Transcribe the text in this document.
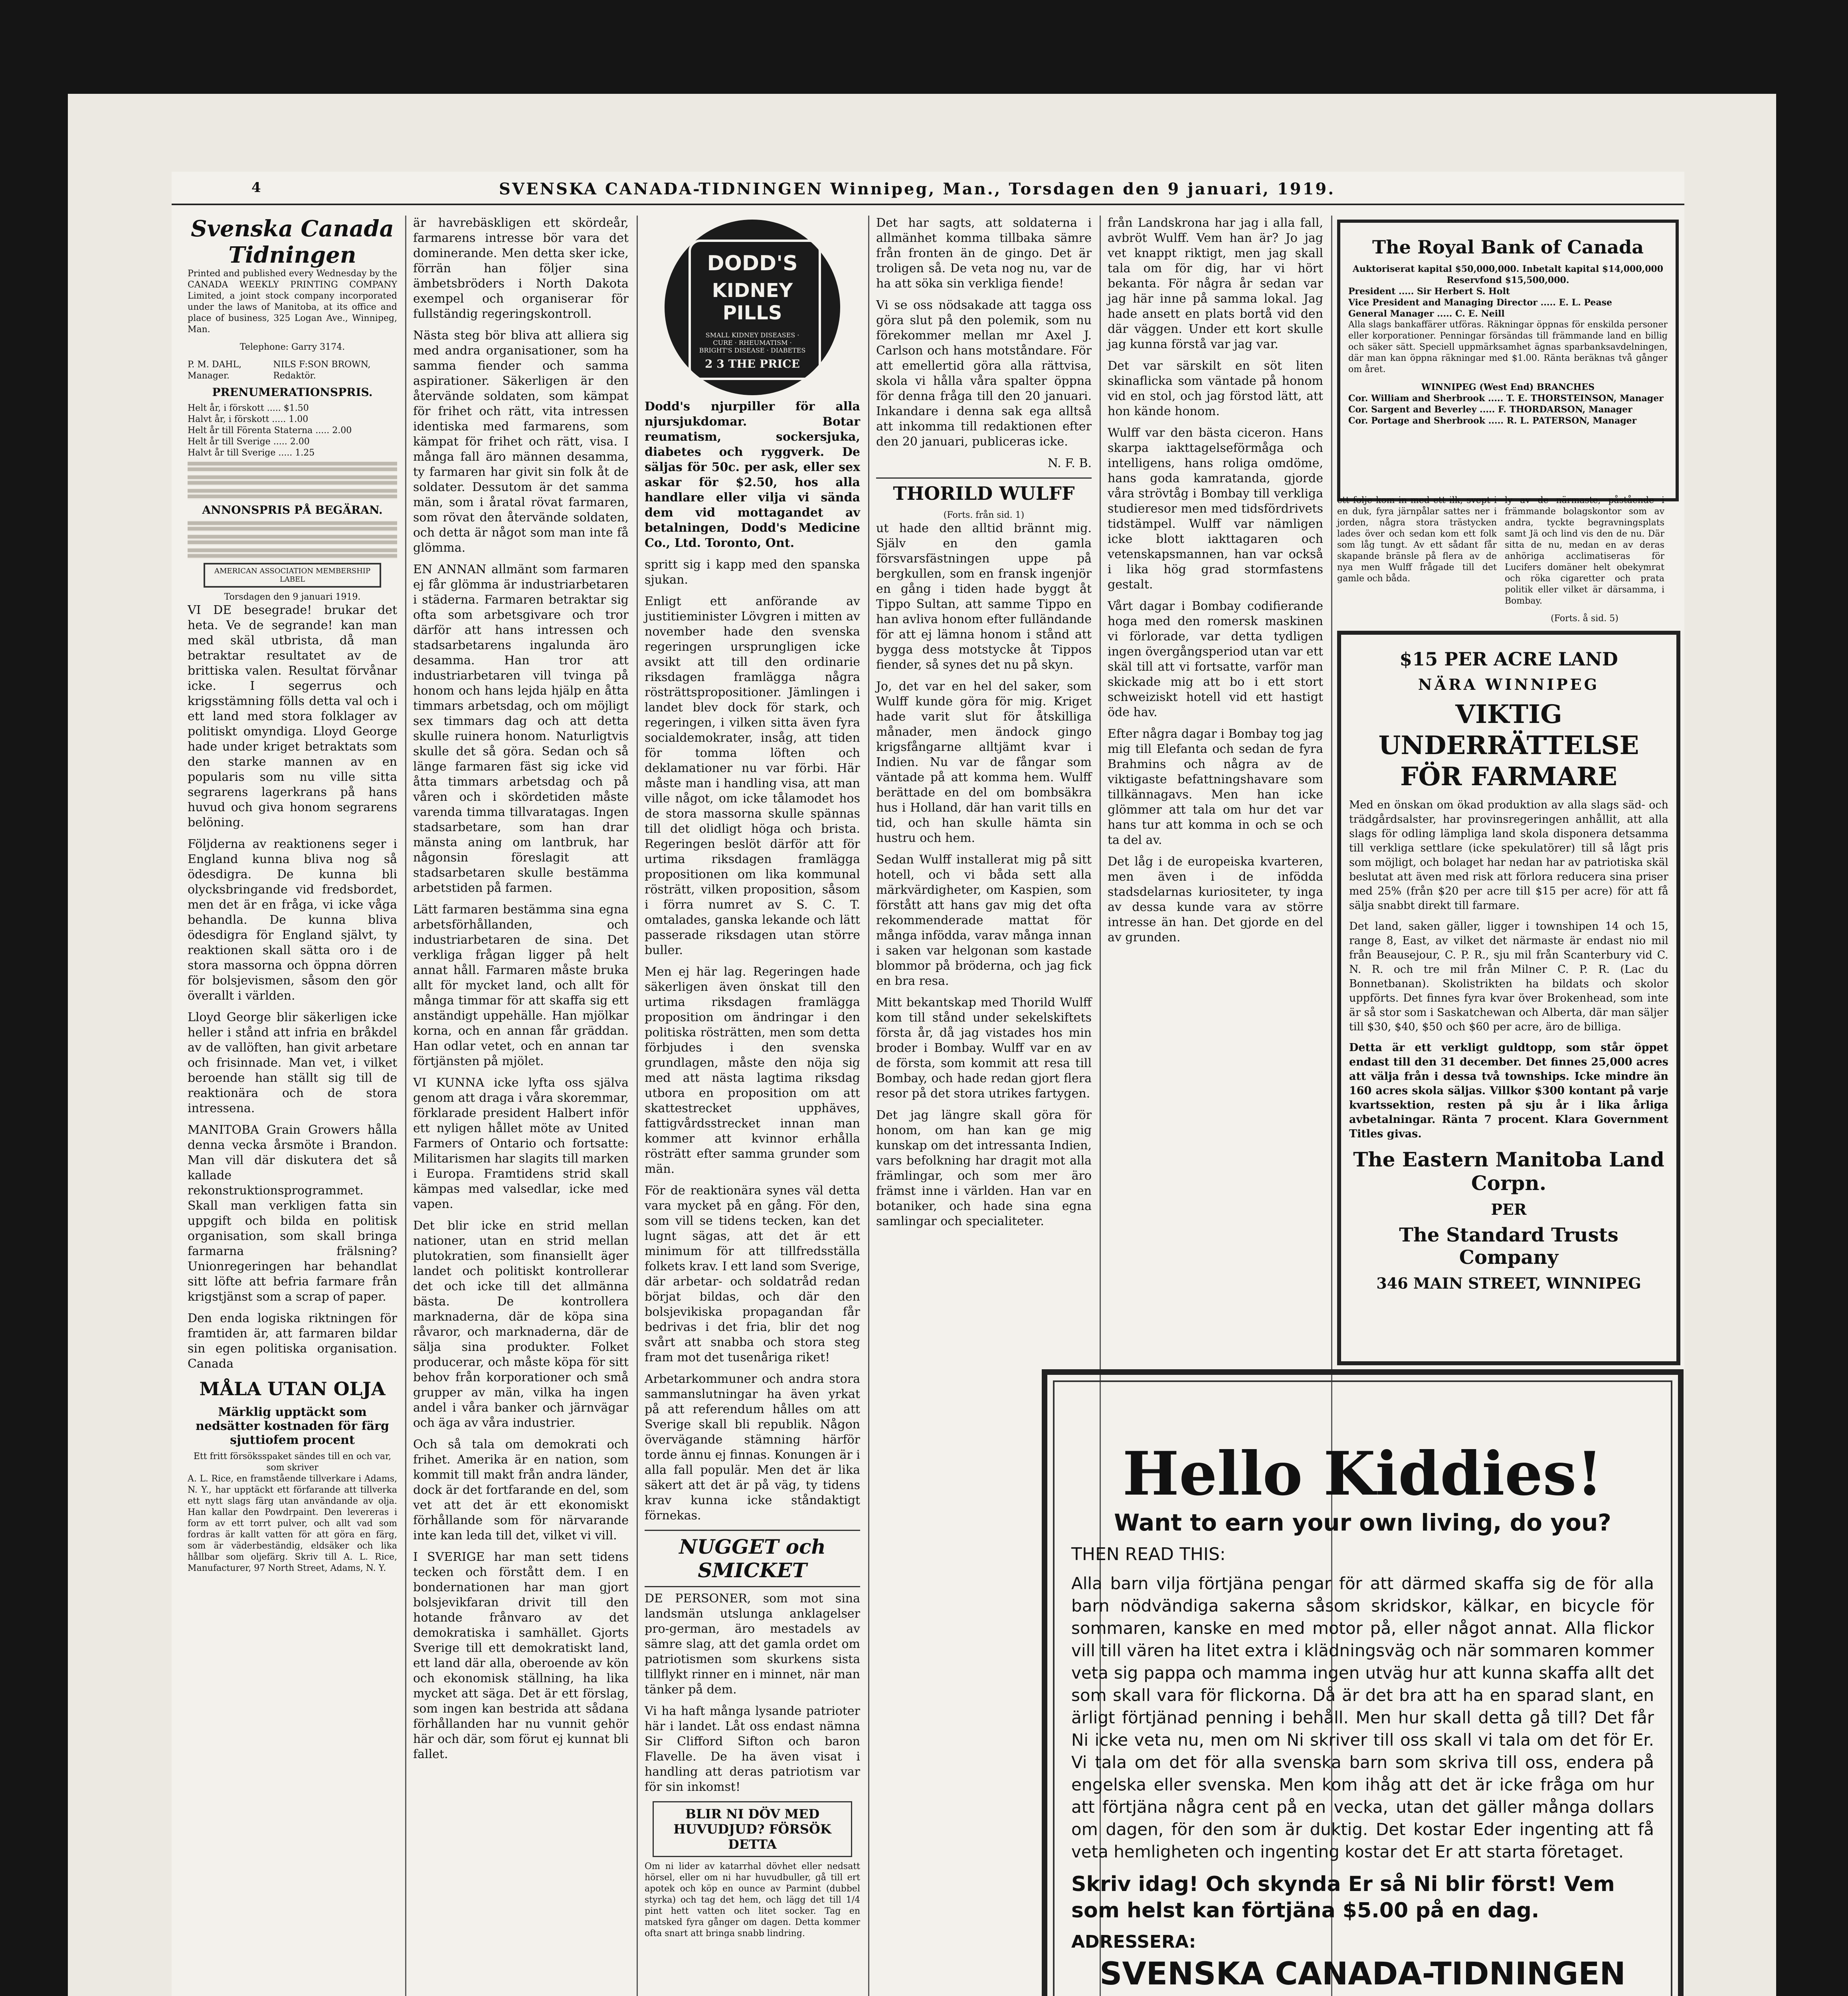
4	SVENSKA CANADA-TIDNINGEN Winnipeg, Man., Torsdagen den 9 januari, 1919.
Svenska Canada Tidningen

Printed and published every Wednesday by the CANADA WEEKLY PRINTING COMPANY Limited, a joint stock company incorporated under the laws of Manitoba, at its office and place of business, 325 Logan Ave., Winnipeg, Man.

Telephone: Garry 3174.

P. M. DAHL, Manager.
NILS F:SON BROWN, Redaktör.
PRENUMERATIONSPRIS.
Helt år, i förskott ..... $1.50
Halvt år, i förskott ..... 1.00
Helt år till Förenta Staterna ..... 2.00
Helt år till Sverige ..... 2.00
Halvt år till Sverige ..... 1.25
ANNONSPRIS PÅ BEGÄRAN.
AMERICAN ASSOCIATION MEMBERSHIP LABEL
Torsdagen den 9 januari 1919.

VI DE besegrade! brukar det heta. Ve de segrande! kan man med skäl utbrista, då man betraktar resultatet av de brittiska valen. Resultat förvånar icke. I segerrus och krigsstämning fölls detta val och i ett land med stora folklager av politiskt omyndiga. Lloyd George hade under kriget betraktats som den starke mannen av en popularis som nu ville sitta segrarens lagerkrans på hans huvud och giva honom segrarens belöning.

Följderna av reaktionens seger i England kunna bliva nog så ödesdigra. De kunna bli olycksbringande vid fredsbordet, men det är en fråga, vi icke våga behandla. De kunna bliva ödesdigra för England självt, ty reaktionen skall sätta oro i de stora massorna och öppna dörren för bolsjevismen, såsom den gör överallt i världen.

Lloyd George blir säkerligen icke heller i stånd att infria en bråkdel av de vallöften, han givit arbetare och frisinnade. Man vet, i vilket beroende han ställt sig till de reaktionära och de stora intressena.

MANITOBA Grain Growers hålla denna vecka årsmöte i Brandon. Man vill där diskutera det så kallade rekonstruktionsprogrammet. Skall man verkligen fatta sin uppgift och bilda en politisk organisation, som skall bringa farmarna frälsning? Unionregeringen har behandlat sitt löfte att befria farmare från krigstjänst som a scrap of paper.

Den enda logiska riktningen för framtiden är, att farmaren bildar sin egen politiska organisation. Canada

MÅLA UTAN OLJA
Märklig upptäckt som nedsätter kostnaden för färg sjuttiofem procent
Ett fritt försöksspaket sändes till en och var, som skriver

A. L. Rice, en framstående tillverkare i Adams, N. Y., har upptäckt ett förfarande att tillverka ett nytt slags färg utan användande av olja. Han kallar den Powdrpaint. Den levereras i form av ett torrt pulver, och allt vad som fordras är kallt vatten för att göra en färg, som är väderbeständig, eldsäker och lika hållbar som oljefärg. Skriv till A. L. Rice, Manufacturer, 97 North Street, Adams, N. Y.

är havrebäskligen ett skördeår, farmarens intresse bör vara det dominerande. Men detta sker icke, förrän han följer sina ämbetsbröders i North Dakota exempel och organiserar för fullständig regeringskontroll.

Nästa steg bör bliva att alliera sig med andra organisationer, som ha samma fiender och samma aspirationer. Säkerligen är den återvände soldaten, som kämpat för frihet och rätt, vita intressen identiska med farmarens, som kämpat för frihet och rätt, visa. I många fall äro männen desamma, ty farmaren har givit sin folk åt de soldater. Dessutom är det samma män, som i åratal rövat farmaren, som rövat den återvände soldaten, och detta är något som man inte få glömma.

EN ANNAN allmänt som farmaren ej får glömma är industriarbetaren i städerna. Farmaren betraktar sig ofta som arbetsgivare och tror därför att hans intressen och stadsarbetarens ingalunda äro desamma. Han tror att industriarbetaren vill tvinga på honom och hans lejda hjälp en åtta timmars arbetsdag, och om möjligt sex timmars dag och att detta skulle ruinera honom. Naturligtvis skulle det så göra. Sedan och så länge farmaren fäst sig icke vid åtta timmars arbetsdag och på våren och i skördetiden måste varenda timma tillvaratagas. Ingen stadsarbetare, som han drar mänsta aning om lantbruk, har någonsin föreslagit att stadsarbetaren skulle bestämma arbetstiden på farmen.

Lätt farmaren bestämma sina egna arbetsförhållanden, och industriarbetaren de sina. Det verkliga frågan ligger på helt annat håll. Farmaren måste bruka allt för mycket land, och allt för många timmar för att skaffa sig ett anständigt uppehälle. Han mjölkar korna, och en annan får gräddan. Han odlar vetet, och en annan tar förtjänsten på mjölet.

VI KUNNA icke lyfta oss själva genom att draga i våra skoremmar, förklarade president Halbert inför ett nyligen hållet möte av United Farmers of Ontario och fortsatte: Militarismen har slagits till marken i Europa. Framtidens strid skall kämpas med valsedlar, icke med vapen.

Det blir icke en strid mellan nationer, utan en strid mellan plutokratien, som finansiellt äger landet och politiskt kontrollerar det och icke till det allmänna bästa. De kontrollera marknaderna, där de köpa sina råvaror, och marknaderna, där de sälja sina produkter. Folket producerar, och måste köpa för sitt behov från korporationer och små grupper av män, vilka ha ingen andel i våra banker och järnvägar och äga av våra industrier.

Och så tala om demokrati och frihet. Amerika är en nation, som kommit till makt från andra länder, dock är det fortfarande en del, som vet att det är ett ekonomiskt förhållande som för närvarande inte kan leda till det, vilket vi vill.

I SVERIGE har man sett tidens tecken och förstått dem. I en bondernationen har man gjort bolsjevikfaran drivit till den hotande frånvaro av det demokratiska i samhället. Gjorts Sverige till ett demokratiskt land, ett land där alla, oberoende av kön och ekonomisk ställning, ha lika mycket att säga. Det är ett förslag, som ingen kan bestrida att sådana förhållanden har nu vunnit gehör här och där, som förut ej kunnat bli fallet.

DODD'S
KIDNEY PILLS
SMALL KIDNEY DISEASES · CURE · RHEUMATISM · BRIGHT'S DISEASE · DIABETES
2 3 THE PRICE

Dodd's njurpiller för alla njursjukdomar. Botar reumatism, sockersjuka, diabetes och ryggverk. De säljas för 50c. per ask, eller sex askar för $2.50, hos alla handlare eller vilja vi sända dem vid mottagandet av betalningen, Dodd's Medicine Co., Ltd. Toronto, Ont.

spritt sig i kapp med den spanska sjukan.

Enligt ett anförande av justitieminister Lövgren i mitten av november hade den svenska regeringen ursprungligen icke avsikt att till den ordinarie riksdagen framlägga några rösträttspropositioner. Jämlingen i landet blev dock för stark, och regeringen, i vilken sitta även fyra socialdemokrater, insåg, att tiden för tomma löften och deklamationer nu var förbi. Här måste man i handling visa, att man ville något, om icke tålamodet hos de stora massorna skulle spännas till det olidligt höga och brista. Regeringen beslöt därför att för urtima riksdagen framlägga propositionen om lika kommunal rösträtt, vilken proposition, såsom i förra numret av S. C. T. omtalades, ganska lekande och lätt passerade riksdagen utan större buller.

Men ej här lag. Regeringen hade säkerligen även önskat till den urtima riksdagen framlägga proposition om ändringar i den politiska rösträtten, men som detta förbjudes i den svenska grundlagen, måste den nöja sig med att nästa lagtima riksdag utbora en proposition om att skattestrecket upphäves, fattigvårdsstrecket innan man kommer att kvinnor erhålla rösträtt efter samma grunder som män.

För de reaktionära synes väl detta vara mycket på en gång. För den, som vill se tidens tecken, kan det lugnt sägas, att det är ett minimum för att tillfredsställa folkets krav. I ett land som Sverige, där arbetar- och soldatråd redan börjat bildas, och där den bolsjevikiska propagandan får bedrivas i det fria, blir det nog svårt att snabba och stora steg fram mot det tusenåriga riket!

Arbetarkommuner och andra stora sammanslutningar ha även yrkat på att referendum hålles om att Sverige skall bli republik. Någon övervägande stämning härför torde ännu ej finnas. Konungen är i alla fall populär. Men det är lika säkert att det är på väg, ty tidens krav kunna icke ståndaktigt förnekas.

NUGGET och SMICKET

DE PERSONER, som mot sina landsmän utslunga anklagelser pro-german, äro mestadels av sämre slag, att det gamla ordet om patriotismen som skurkens sista tillflykt rinner en i minnet, när man tänker på dem.

Vi ha haft många lysande patrioter här i landet. Låt oss endast nämna Sir Clifford Sifton och baron Flavelle. De ha även visat i handling att deras patriotism var för sin inkomst!

BLIR NI DÖV MED HUVUDJUD? FÖRSÖK DETTA

Om ni lider av katarrhal dövhet eller nedsatt hörsel, eller om ni har huvudbuller, gå till ert apotek och köp en ounce av Parmint (dubbel styrka) och tag det hem, och lägg det till 1/4 pint hett vatten och litet socker. Tag en matsked fyra gånger om dagen. Detta kommer ofta snart att bringa snabb lindring.

Det har sagts, att soldaterna i allmänhet komma tillbaka sämre från fronten än de gingo. Det är troligen så. De veta nog nu, var de ha att söka sin verkliga fiende!

Vi se oss nödsakade att tagga oss göra slut på den polemik, som nu förekommer mellan mr Axel J. Carlson och hans motståndare. För att emellertid göra alla rättvisa, skola vi hålla våra spalter öppna för denna fråga till den 20 januari. Inkandare i denna sak ega alltså att inkomma till redaktionen efter den 20 januari, publiceras icke.

N. F. B.

THORILD WULFF
(Forts. från sid. 1)

ut hade den alltid brännt mig. Själv en den gamla försvarsfästningen uppe på bergkullen, som en fransk ingenjör en gång i tiden hade byggt åt Tippo Sultan, att samme Tippo en han avliva honom efter fulländande för att ej lämna honom i stånd att bygga dess motstycke åt Tippos fiender, så synes det nu på skyn.

Jo, det var en hel del saker, som Wulff kunde göra för mig. Kriget hade varit slut för åtskilliga månader, men ändock gingo krigsfångarne alltjämt kvar i Indien. Nu var de fångar som väntade på att komma hem. Wulff berättade en del om bombsäkra hus i Holland, där han varit tills en tid, och han skulle hämta sin hustru och hem.

Sedan Wulff installerat mig på sitt hotell, och vi båda sett alla märkvärdigheter, om Kaspien, som förstått att hans gav mig det ofta rekommenderade mattat för många infödda, varav många innan i saken var helgonan som kastade blommor på bröderna, och jag fick en bra resa.

Mitt bekantskap med Thorild Wulff kom till stånd under sekelskiftets första år, då jag vistades hos min broder i Bombay. Wulff var en av de första, som kommit att resa till Bombay, och hade redan gjort flera resor på det stora utrikes fartygen.

Det jag längre skall göra för honom, om han kan ge mig kunskap om det intressanta Indien, vars befolkning har dragit mot alla främlingar, och som mer äro främst inne i världen. Han var en botaniker, och hade sina egna samlingar och specialiteter.

från Landskrona har jag i alla fall, avbröt Wulff. Vem han är? Jo jag vet knappt riktigt, men jag skall tala om för dig, har vi hört bekanta. För några år sedan var jag här inne på samma lokal. Jag hade ansett en plats bortå vid den där väggen. Under ett kort skulle jag kunna förstå var jag var.

Det var särskilt en söt liten skinaflicka som väntade på honom vid en stol, och jag förstod lätt, att hon kände honom.

Wulff var den bästa ciceron. Hans skarpa iakttagelseförmåga och intelligens, hans roliga omdöme, hans goda kamratanda, gjorde våra strövtåg i Bombay till verkliga studieresor men med tidsfördrivets tidstämpel. Wulff var nämligen icke blott iakttagaren och vetenskapsmannen, han var också i lika hög grad stormfastens gestalt.

Vårt dagar i Bombay codifierande hoga med den romersk maskinen vi förlorade, var detta tydligen ingen övergångsperiod utan var ett skäl till att vi fortsatte, varför man skickade mig att bo i ett stort schweiziskt hotell vid ett hastigt öde hav.

Efter några dagar i Bombay tog jag mig till Elefanta och sedan de fyra Brahmins och några av de viktigaste befattningshavare som tillkännagavs. Men han icke glömmer att tala om hur det var hans tur att komma in och se och ta del av.

Det låg i de europeiska kvarteren, men även i de infödda stadsdelarnas kuriositeter, ty inga av dessa kunde vara av större intresse än han. Det gjorde en del av grunden.

The Royal Bank of Canada
Auktoriserat kapital $50,000,000. Inbetalt kapital $14,000,000
Reservfond $15,500,000.
President ..... Sir Herbert S. Holt
Vice President and Managing Director ..... E. L. Pease
General Manager ..... C. E. Neill

Alla slags bankaffärer utföras. Räkningar öppnas för enskilda personer eller korporationer. Penningar försändas till främmande land en billig och säker sätt. Speciell uppmärksamhet ägnas sparbanksavdelningen, där man kan öppna räkningar med $1.00. Ränta beräknas två gånger om året.

WINNIPEG (West End) BRANCHES
Cor. William and Sherbrook ..... T. E. THORSTEINSON, Manager
Cor. Sargent and Beverley ..... F. THORDARSON, Manager
Cor. Portage and Sherbrook ..... R. L. PATERSON, Manager

ett folje kom in med ett ilk, svept i en duk, fyra järnpålar sattes ner i jorden, några stora trästycken lades över och sedan kom ett folk som låg tungt. Av ett sådant får skapande bränsle på flera av de nya men Wulff frågade till det gamle och båda.

ly av de närmaste, påstående i främmande bolagskontor som av andra, tyckte begravningsplats samt Jä och lind vis den de nu. Där sitta de nu, medan en av deras anhöriga acclimatiseras för Lucifers domäner helt obekymrat och röka cigaretter och prata politik eller vilket är därsamma, i Bombay.

(Forts. å sid. 5)
$15 PER ACRE LAND
NÄRA WINNIPEG
VIKTIG UNDERRÄTTELSE FÖR FARMARE

Med en önskan om ökad produktion av alla slags säd- och trädgårdsalster, har provinsregeringen anhållit, att alla slags för odling lämpliga land skola disponera detsamma till verkliga settlare (icke spekulatörer) till så lågt pris som möjligt, och bolaget har nedan har av patriotiska skäl beslutat att även med risk att förlora reducera sina priser med 25% (från $20 per acre till $15 per acre) för att få sälja snabbt direkt till farmare.

Det land, saken gäller, ligger i townshipen 14 och 15, range 8, East, av vilket det närmaste är endast nio mil från Beausejour, C. P. R., sju mil från Scanterbury vid C. N. R. och tre mil från Milner C. P. R. (Lac du Bonnetbanan). Skolistrikten ha bildats och skolor uppförts. Det finnes fyra kvar över Brokenhead, som inte är så stor som i Saskatchewan och Alberta, där man säljer till $30, $40, $50 och $60 per acre, äro de billiga.

Detta är ett verkligt guldtopp, som står öppet endast till den 31 december. Det finnes 25,000 acres att välja från i dessa två townships. Icke mindre än 160 acres skola säljas. Villkor $300 kontant på varje kvartssektion, resten på sju år i lika årliga avbetalningar. Ränta 7 procent. Klara Government Titles givas.

The Eastern Manitoba Land Corpn.
PER
The Standard Trusts Company
346 MAIN STREET, WINNIPEG
Hello Kiddies!
Want to earn your own living, do you?
THEN READ THIS:

Alla barn vilja förtjäna pengar för att därmed skaffa sig de för alla barn nödvändiga sakerna såsom skridskor, kälkar, en bicycle för sommaren, kanske en med motor på, eller något annat. Alla flickor vill till vären ha litet extra i klädningsväg och när sommaren kommer veta sig pappa och mamma ingen utväg hur att kunna skaffa allt det som skall vara för flickorna. Då är det bra att ha en sparad slant, en ärligt förtjänad penning i behåll. Men hur skall detta gå till? Det får Ni icke veta nu, men om Ni skriver till oss skall vi tala om det för Er. Vi tala om det för alla svenska barn som skriva till oss, endera på engelska eller svenska. Men kom ihåg att det är icke fråga om hur att förtjäna några cent på en vecka, utan det gäller många dollars om dagen, för den som är duktig. Det kostar Eder ingenting att få veta hemligheten och ingenting kostar det Er att starta företaget.

Skriv idag! Och skynda Er så Ni blir först! Vem som helst kan förtjäna $5.00 på en dag.

ADRESSERA:
SVENSKA CANADA-TIDNINGEN
